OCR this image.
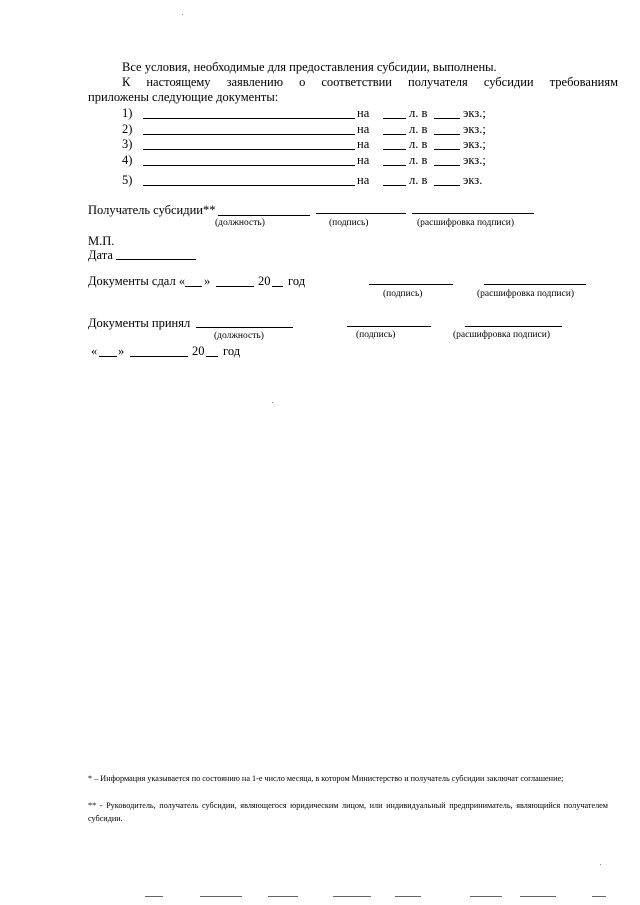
Все условия, необходимые для предоставления субсидии, выполнены.
К настоящему заявлению о соответствии получателя субсидии требованиям
приложены следующие документы:
1)	на	л. в	экз.;
2)	на	л. в	экз.;
3)	на	л. в	экз.;
4)	на	л. в	экз.;
5)	на	л. в	экз.
Получатель субсидии**
(должность)	(подпись)	(расшифровка подписи)
М.П.
Дата
Документы сдал « »	20 год
(подпись)	(расшифровка подписи)
Документы принял
(должность)	(подпись)	(расшифровка подписи)
« »	20 год
* – Информация указывается по состоянию на 1-е число месяца, в котором Министерство и получатель субсидии заключат соглашение;
** - Руководитель, получатель субсидии, являющегося юридическим лицом, или индивидуальный предприниматель, являющийся получателем субсидии.
